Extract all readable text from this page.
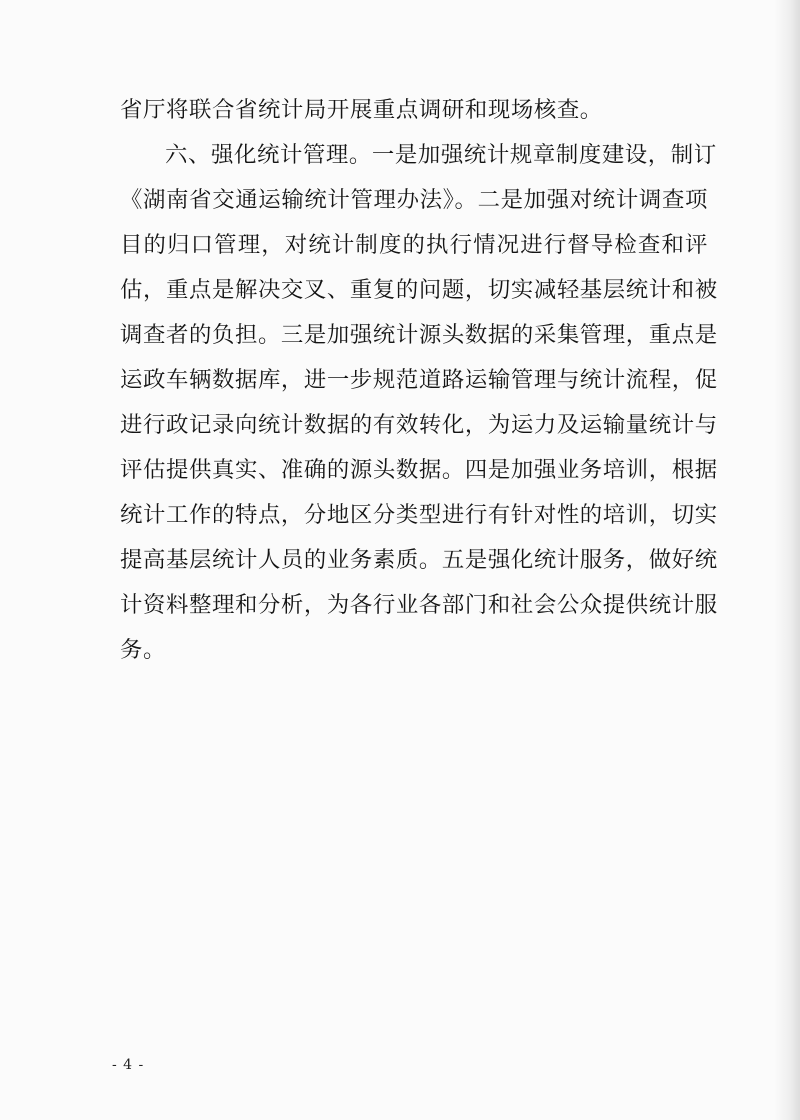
省厅将联合省统计局开展重点调研和现场核查。
六、强化统计管理。一是加强统计规章制度建设，制订
《湖南省交通运输统计管理办法》。二是加强对统计调查项
目的归口管理，对统计制度的执行情况进行督导检查和评
估，重点是解决交叉、重复的问题，切实减轻基层统计和被
调查者的负担。三是加强统计源头数据的采集管理，重点是
运政车辆数据库，进一步规范道路运输管理与统计流程，促
进行政记录向统计数据的有效转化，为运力及运输量统计与
评估提供真实、准确的源头数据。四是加强业务培训，根据
统计工作的特点，分地区分类型进行有针对性的培训，切实
提高基层统计人员的业务素质。五是强化统计服务，做好统
计资料整理和分析，为各行业各部门和社会公众提供统计服
务。
- 4 -
